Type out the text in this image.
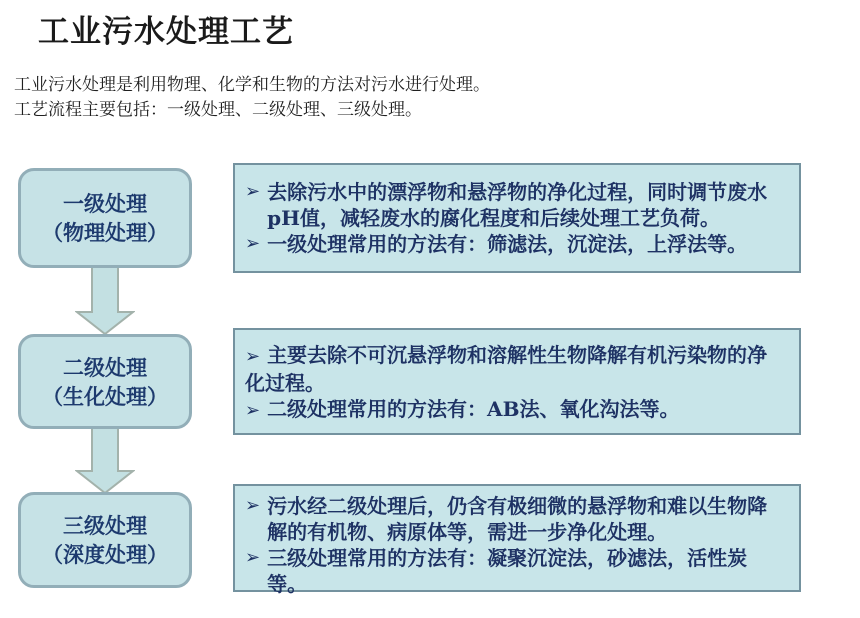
工业污水处理工艺
工业污水处理是利用物理、化学和生物的方法对污水进行处理。
工艺流程主要包括：一级处理、二级处理、三级处理。
一级处理
（物理处理）
➢ 去除污水中的漂浮物和悬浮物的净化过程，同时调节废水pH值，减轻废水的腐化程度和后续处理工艺负荷。
➢ 一级处理常用的方法有：筛滤法，沉淀法，上浮法等。
二级处理
（生化处理）
➢ 主要去除不可沉悬浮物和溶解性生物降解有机污染物的净化过程。
➢ 二级处理常用的方法有：AB法、氧化沟法等。
三级处理
（深度处理）
➢ 污水经二级处理后，仍含有极细微的悬浮物和难以生物降解的有机物、病原体等，需进一步净化处理。
➢ 三级处理常用的方法有：凝聚沉淀法，砂滤法，活性炭等。
